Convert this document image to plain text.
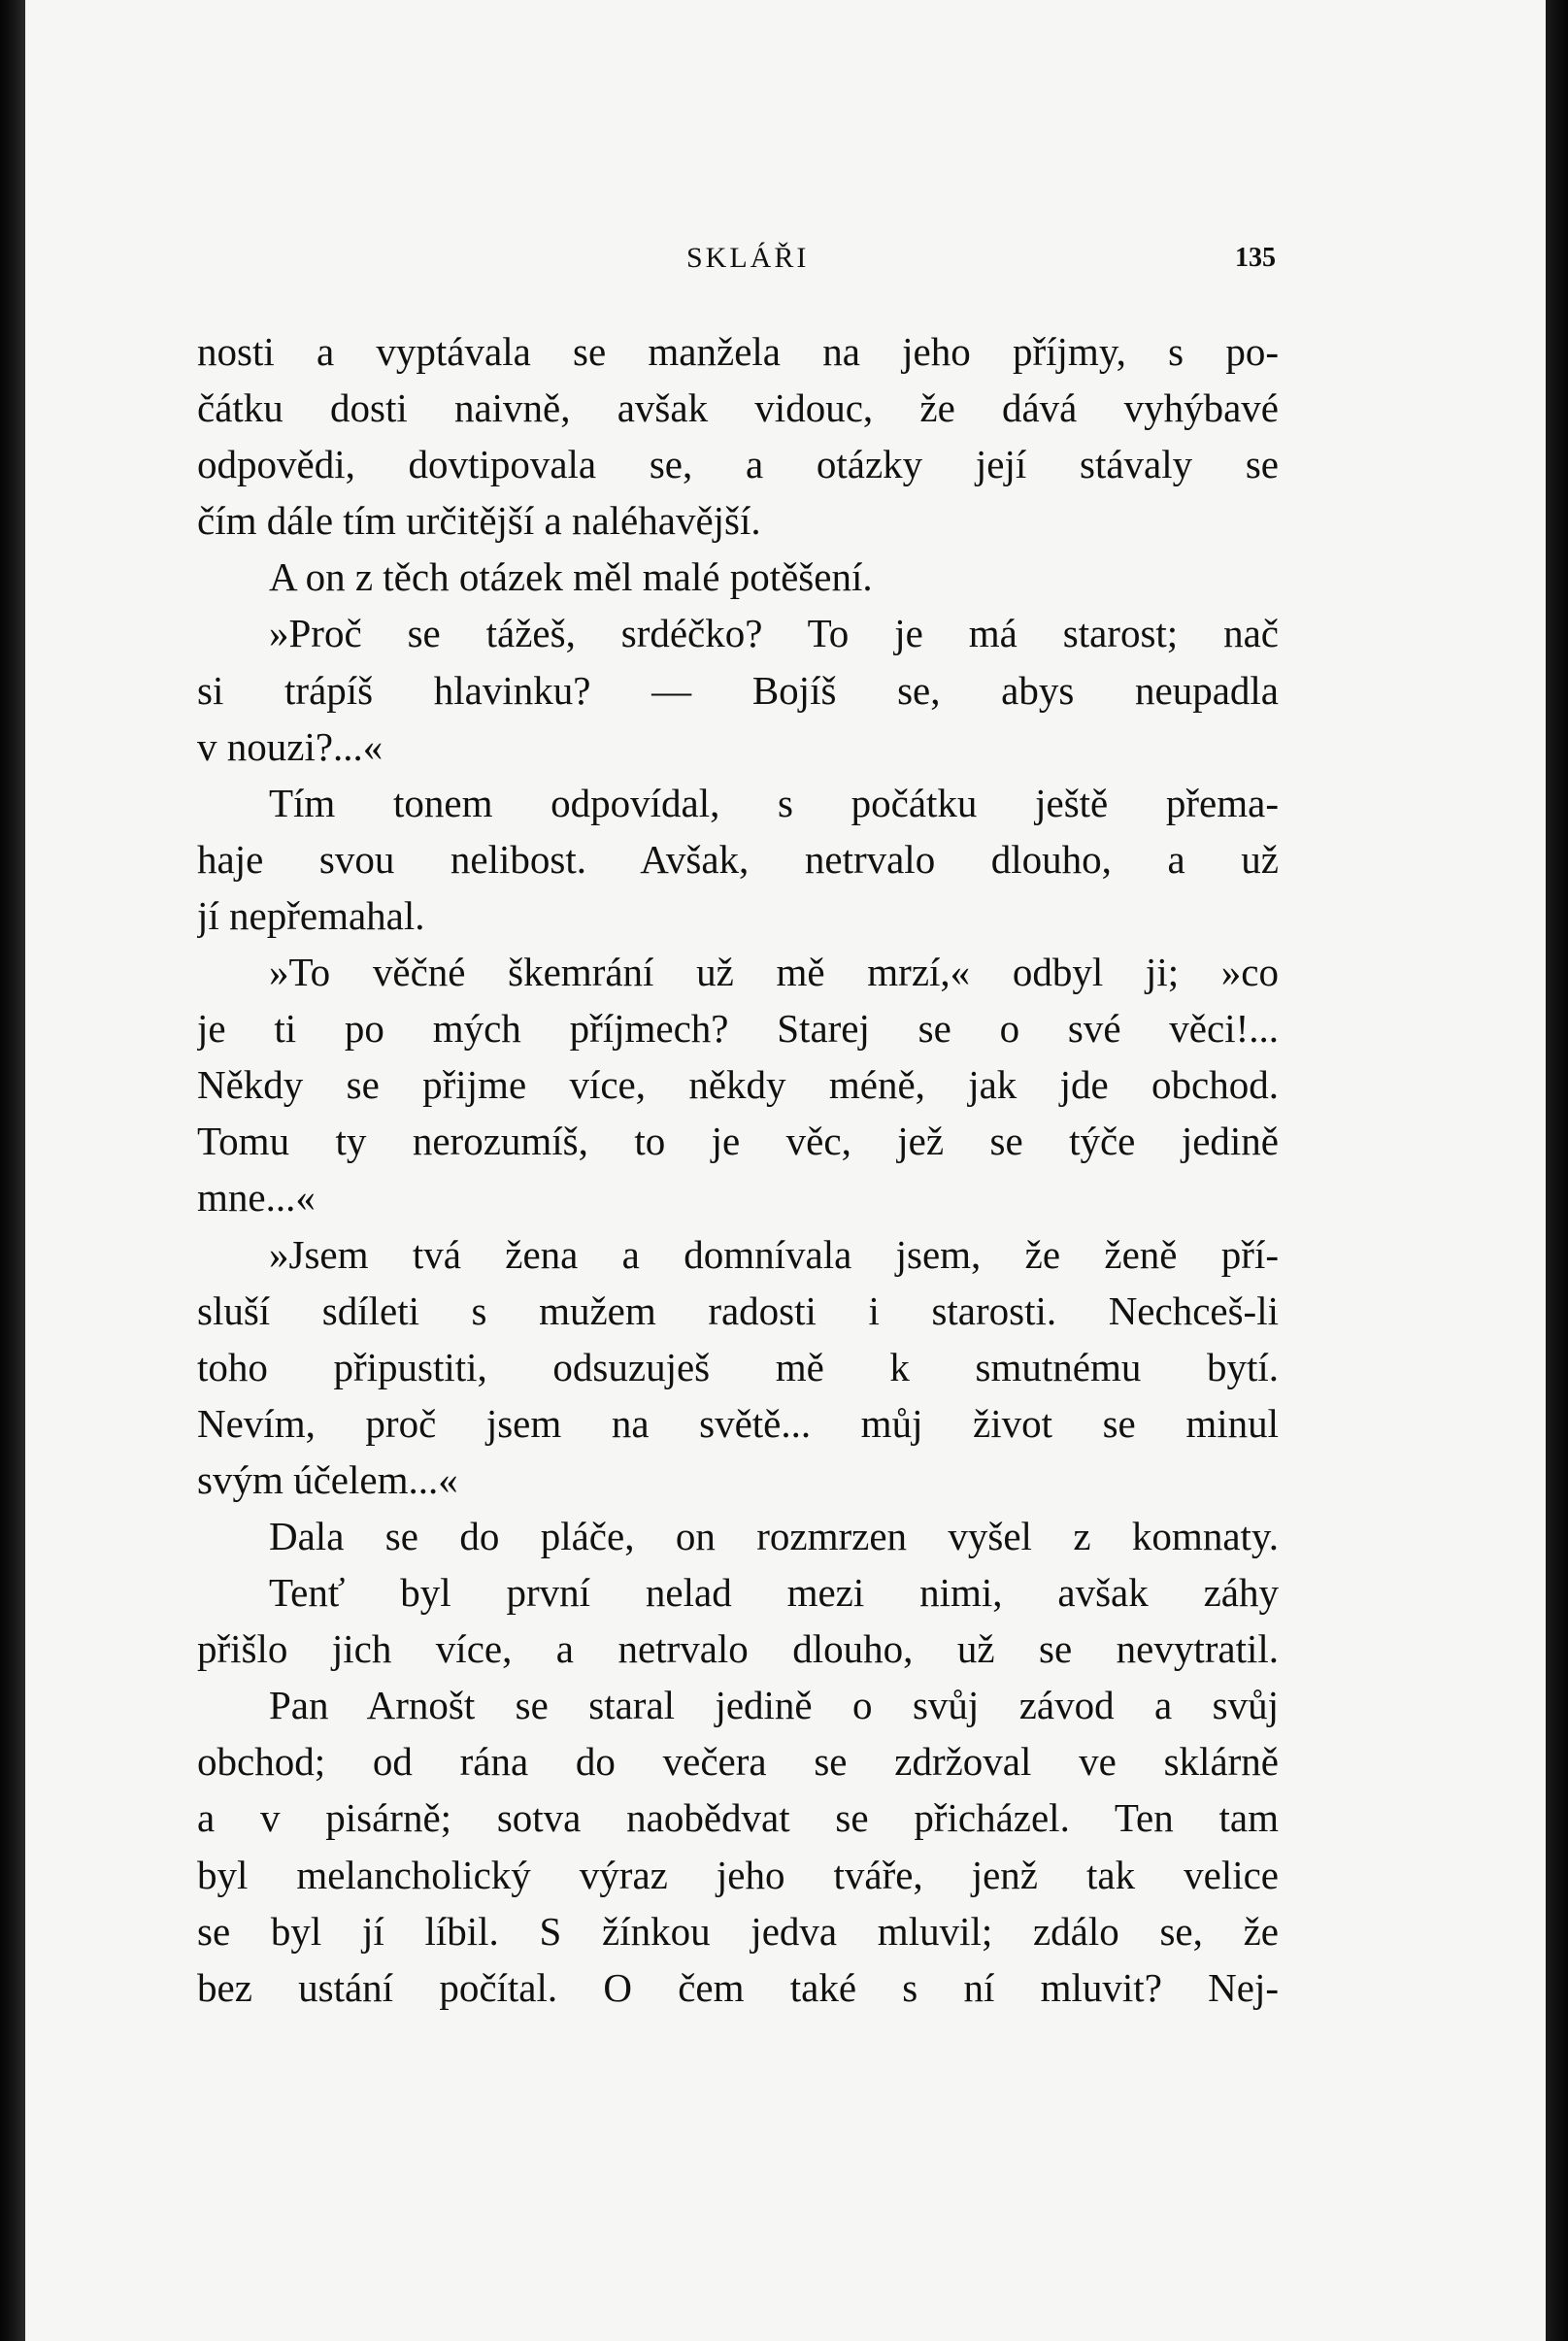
SKLÁŘI	135
nosti a vyptávala se manžela na jeho příjmy, s po-
čátku dosti naivně, avšak vidouc, že dává vyhýbavé
odpovědi, dovtipovala se, a otázky její stávaly se
čím dále tím určitější a naléhavější.
A on z těch otázek měl malé potěšení.
»Proč se tážeš, srdéčko? To je má starost; nač
si trápíš hlavinku? — Bojíš se, abys neupadla
v nouzi?...«
Tím tonem odpovídal, s počátku ještě přema-
haje svou nelibost. Avšak, netrvalo dlouho, a už
jí nepřemahal.
»To věčné škemrání už mě mrzí,« odbyl ji; »co
je ti po mých příjmech? Starej se o své věci!...
Někdy se přijme více, někdy méně, jak jde obchod.
Tomu ty nerozumíš, to je věc, jež se týče jedině
mne...«
»Jsem tvá žena a domnívala jsem, že ženě pří-
sluší sdíleti s mužem radosti i starosti. Nechceš-li
toho připustiti, odsuzuješ mě k smutnému bytí.
Nevím, proč jsem na světě... můj život se minul
svým účelem...«
Dala se do pláče, on rozmrzen vyšel z komnaty.
Tenť byl první nelad mezi nimi, avšak záhy
přišlo jich více, a netrvalo dlouho, už se nevytratil.
Pan Arnošt se staral jedině o svůj závod a svůj
obchod; od rána do večera se zdržoval ve sklárně
a v pisárně; sotva naobědvat se přicházel. Ten tam
byl melancholický výraz jeho tváře, jenž tak velice
se byl jí líbil. S žínkou jedva mluvil; zdálo se, že
bez ustání počítal. O čem také s ní mluvit? Nej-
